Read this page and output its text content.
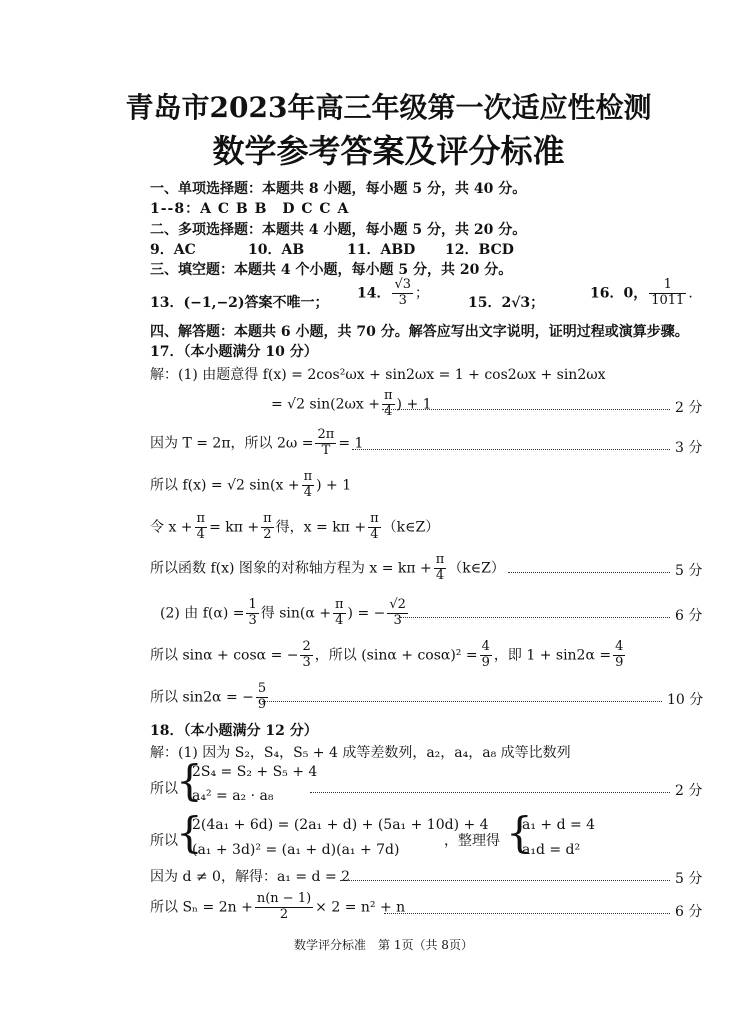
青岛市2023年高三年级第一次适应性检测
数学参考答案及评分标准
一、单项选择题：本题共 8 小题，每小题 5 分，共 40 分。
1--8：A C B B　D C C A
二、多项选择题：本题共 4 小题，每小题 5 分，共 20 分。
9．AC	10．AB	11．ABD 12．BCD
三、填空题：本题共 4 个小题，每小题 5 分，共 20 分。
13．(−1,−2)答案不唯一；
14． $\frac{√3}{3}$ ；
15．2√3；
16．0， $\frac{1}{1011}$ ．
四、解答题：本题共 6 小题，共 70 分。解答应写出文字说明，证明过程或演算步骤。
17．（本小题满分 10 分）
解：(1) 由题意得 f(x) = 2cos²ωx + sin2ωx = 1 + cos2ωx + sin2ωx
= √2 $\sin(2\omega x + \frac{\pi}{4}$ ) + 1	2 分
因为 T = 2π，所以 $2\omega = \frac{2\pi}{T} = 1$	3 分
所以 f(x) = √2 $\sin(x + \frac{\pi}{4}$ ) + 1
令 $x + \frac{\pi}{4} = k\pi + \frac{\pi}{2}$ 得，$x = k\pi + \frac{\pi}{4}$ （k∈Z）
所以函数 f(x) 图象的对称轴方程为 $x = k\pi + \frac{\pi}{4}$ （k∈Z）	5 分
(2) 由 $f(\alpha) = \frac{1}{3}$ 得 $\sin(\alpha + \frac{\pi}{4}$ ) = − $\frac{√2}{3}$	6 分
所以 sinα + cosα = − $\frac{2}{3}$ ，所以 $(\sin\alpha + \cos\alpha)^2 = \frac{4}{9}$ ，即 $1 + \sin 2\alpha = \frac{4}{9}$
所以 sin2α = − $\frac{5}{9}$	10 分
18．（本小题满分 12 分）
解：(1) 因为 S₂，S₄，S₅ + 4 成等差数列，a₂，a₄，a₈ 成等比数列
所以
{
2S₄ = S₂ + S₅ + 4
a₄² = a₂ · a₈	2 分
所以
{
2(4a₁ + 6d) = (2a₁ + d) + (5a₁ + 10d) + 4
(a₁ + 3d)² = (a₁ + d)(a₁ + 7d)
，整理得 {
a₁ + d = 4
a₁d = d²
因为 d ≠ 0，解得：a₁ = d = 2	5 分
所以 $S_n = 2n + \frac{n(n - 1)}{2} \times 2 = n^2 + n$	6 分
数学评分标准　第 1页（共 8页）
